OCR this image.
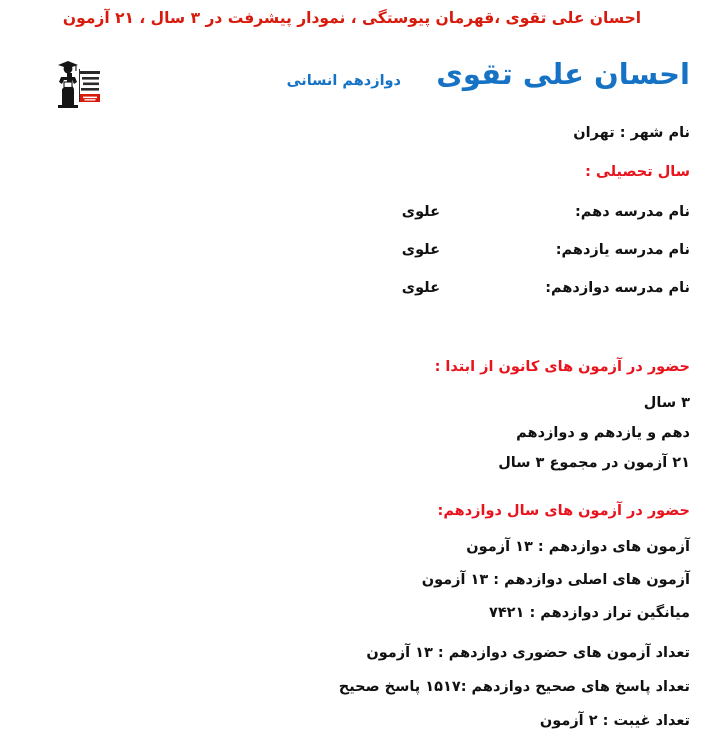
احسان علی تقوی ،قهرمان پیوستگی ، نمودار پیشرفت در ۳ سال ، ۲۱ آزمون
احسان علی تقوی
دوازدهم انسانی
نام شهر : تهران
سال تحصیلی :
نام مدرسه دهم:
علوی
نام مدرسه یازدهم:
علوی
نام مدرسه دوازدهم:
علوی
حضور در آزمون های کانون از ابتدا :
۳ سال
دهم و یازدهم و دوازدهم
۲۱ آزمون در مجموع ۳ سال
حضور در آزمون های سال دوازدهم:
آزمون های دوازدهم : ۱۳ آزمون
آزمون های اصلی دوازدهم : ۱۳ آزمون
میانگین تراز دوازدهم : ۷۴۲۱
تعداد آزمون های حضوری دوازدهم : ۱۳ آزمون
تعداد پاسخ های صحیح دوازدهم :۱۵۱۷ پاسخ صحیح
تعداد غیبت : ۲ آزمون
